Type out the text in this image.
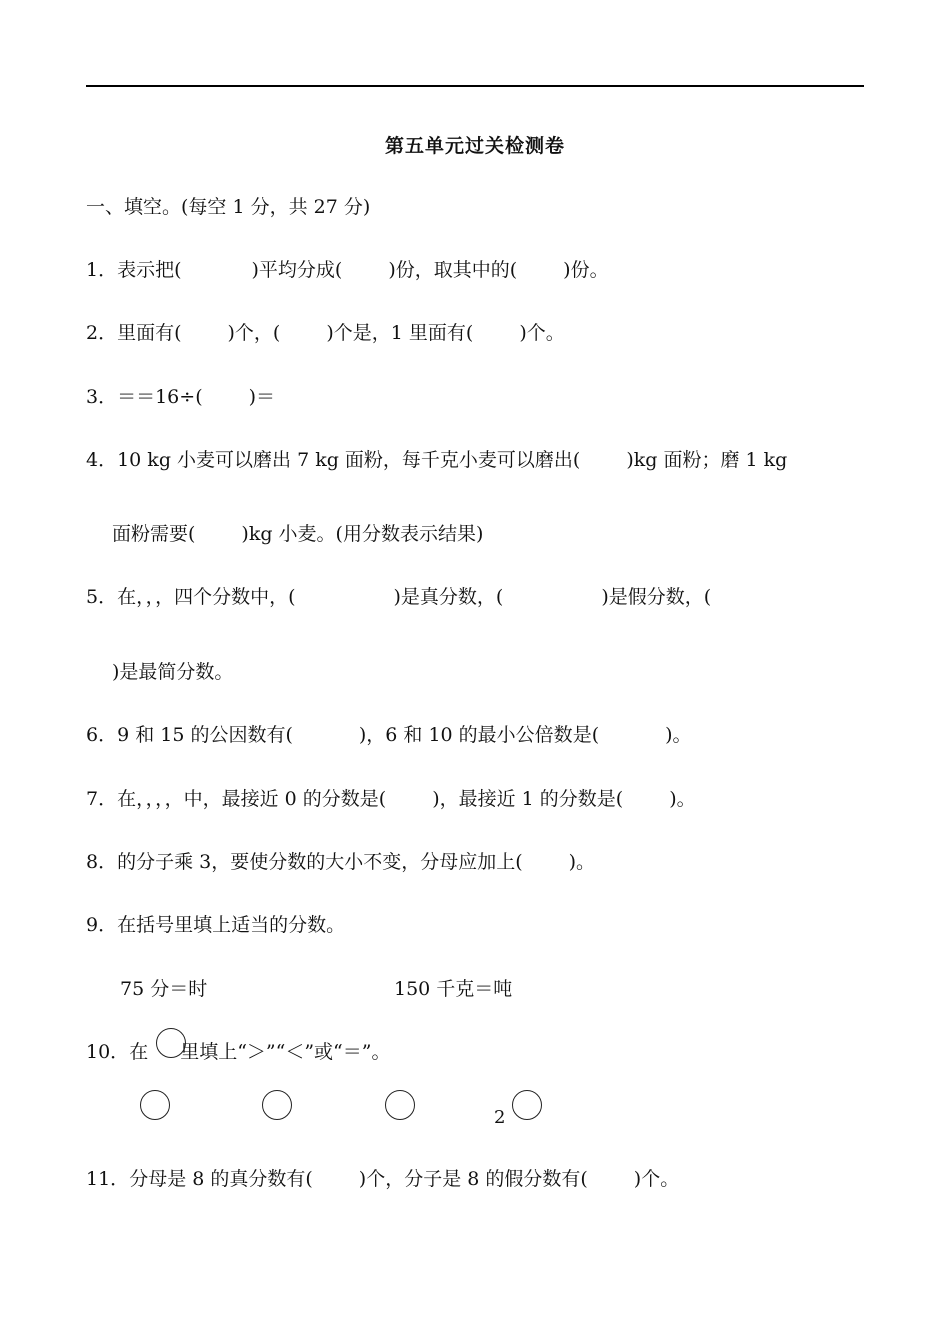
第五单元过关检测卷
一、填空。(每空 1 分，共 27 分)
1．表示把(	)平均分成( )份，取其中的( )份。
2．里面有( )个，( )个是，1 里面有( )个。
3．＝＝16÷( )＝
4．10 kg 小麦可以磨出 7 kg 面粉，每千克小麦可以磨出( )kg 面粉；磨 1 kg
面粉需要( )kg 小麦。(用分数表示结果)
5．在，，，四个分数中，(	)是真分数，(	)是假分数，(
)是最简分数。
6．9 和 15 的公因数有(	)，6 和 10 的最小公倍数是(	)。
7．在，，，，中，最接近 0 的分数是( )，最接近 1 的分数是( )。
8．的分子乘 3，要使分数的大小不变，分母应加上( )。
9．在括号里填上适当的分数。
75 分＝时	150 千克＝吨
10．在 里填上“＞”“＜”或“＝”。
2
11．分母是 8 的真分数有( )个，分子是 8 的假分数有( )个。
